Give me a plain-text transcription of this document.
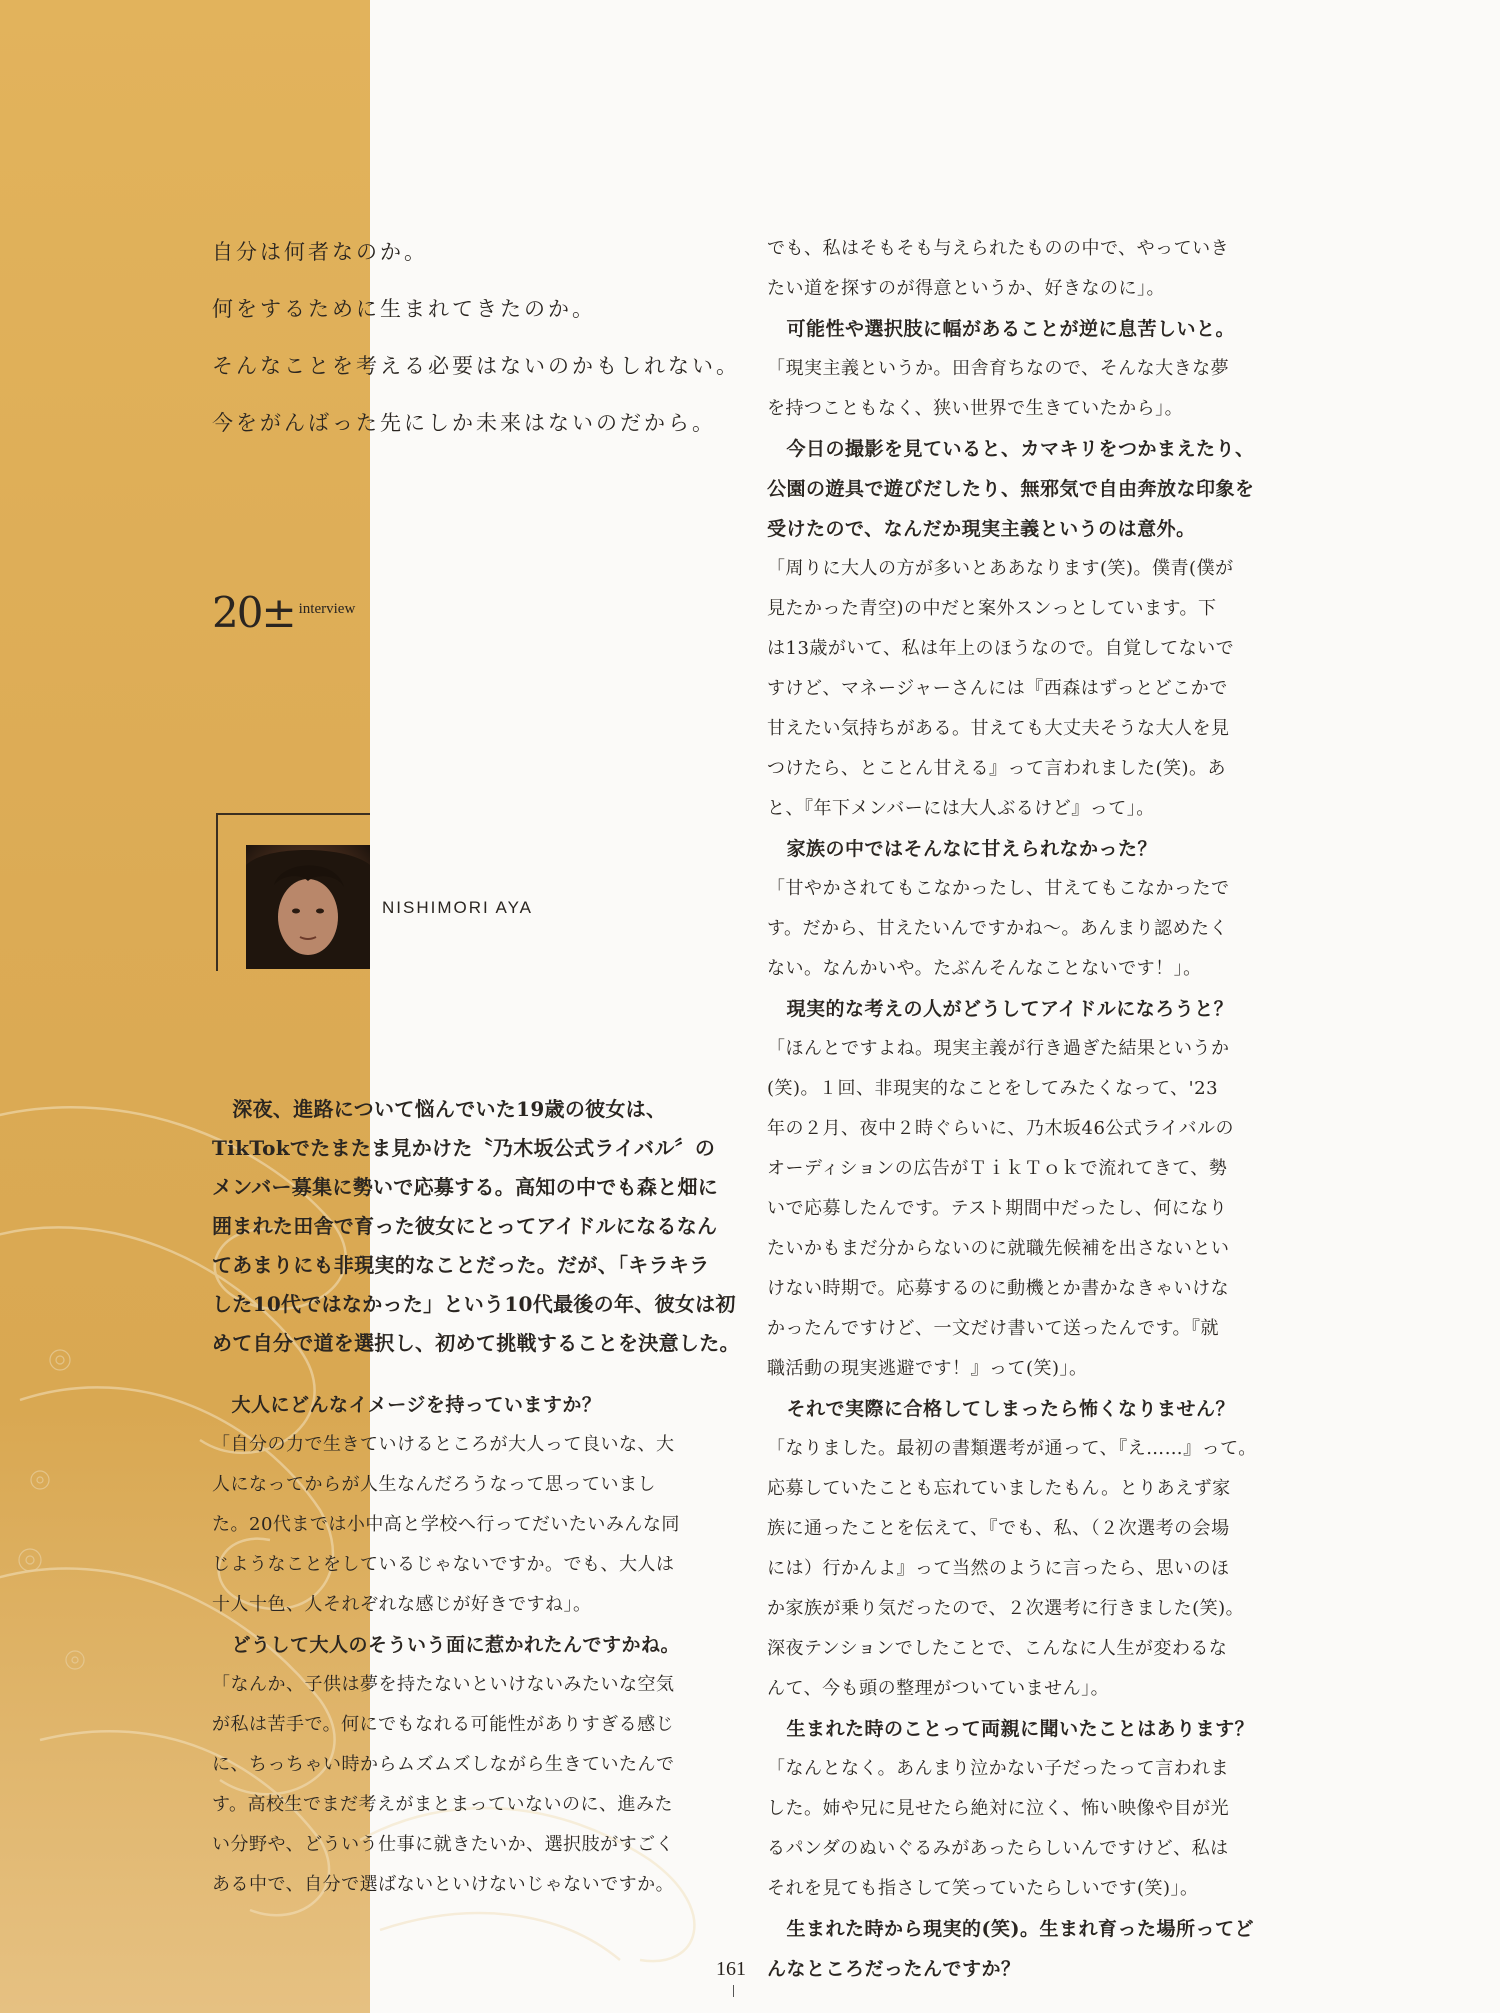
自分は何者なのか。
何をするために生まれてきたのか。
そんなことを考える必要はないのかもしれない。
今をがんばった先にしか未来はないのだから。
20± interview
NISHIMORI AYA
　深夜、進路について悩んでいた19歳の彼女は、
TikTokでたまたま見かけた〝乃木坂公式ライバル〞の
メンバー募集に勢いで応募する。高知の中でも森と畑に
囲まれた田舎で育った彼女にとってアイドルになるなん
てあまりにも非現実的なことだった。だが、「キラキラ
した10代ではなかった」という10代最後の年、彼女は初
めて自分で道を選択し、初めて挑戦することを決意した。
　大人にどんなイメージを持っていますか？
「自分の力で生きていけるところが大人って良いな、大
人になってからが人生なんだろうなって思っていまし
た。20代までは小中高と学校へ行ってだいたいみんな同
じようなことをしているじゃないですか。でも、大人は
十人十色、人それぞれな感じが好きですね」。
　どうして大人のそういう面に惹かれたんですかね。
「なんか、子供は夢を持たないといけないみたいな空気
が私は苦手で。何にでもなれる可能性がありすぎる感じ
に、ちっちゃい時からムズムズしながら生きていたんで
す。高校生でまだ考えがまとまっていないのに、進みた
い分野や、どういう仕事に就きたいか、選択肢がすごく
ある中で、自分で選ばないといけないじゃないですか。
でも、私はそもそも与えられたものの中で、やっていき
たい道を探すのが得意というか、好きなのに」。
　可能性や選択肢に幅があることが逆に息苦しいと。
「現実主義というか。田舎育ちなので、そんな大きな夢
を持つこともなく、狭い世界で生きていたから」。
　今日の撮影を見ていると、カマキリをつかまえたり、
公園の遊具で遊びだしたり、無邪気で自由奔放な印象を
受けたので、なんだか現実主義というのは意外。
「周りに大人の方が多いとああなります(笑)。僕青(僕が
見たかった青空)の中だと案外スンっとしています。下
は13歳がいて、私は年上のほうなので。自覚してないで
すけど、マネージャーさんには『西森はずっとどこかで
甘えたい気持ちがある。甘えても大丈夫そうな大人を見
つけたら、とことん甘える』って言われました(笑)。あ
と、『年下メンバーには大人ぶるけど』って」。
　家族の中ではそんなに甘えられなかった？
「甘やかされてもこなかったし、甘えてもこなかったで
す。だから、甘えたいんですかね〜。あんまり認めたく
ない。なんかいや。たぶんそんなことないです！」。
　現実的な考えの人がどうしてアイドルになろうと？
「ほんとですよね。現実主義が行き過ぎた結果というか
(笑)。１回、非現実的なことをしてみたくなって、'23
年の２月、夜中２時ぐらいに、乃木坂46公式ライバルの
オーディションの広告がＴｉｋＴｏｋで流れてきて、勢
いで応募したんです。テスト期間中だったし、何になり
たいかもまだ分からないのに就職先候補を出さないとい
けない時期で。応募するのに動機とか書かなきゃいけな
かったんですけど、一文だけ書いて送ったんです。『就
職活動の現実逃避です！』って(笑)」。
　それで実際に合格してしまったら怖くなりません？
「なりました。最初の書類選考が通って、『え……』って。
応募していたことも忘れていましたもん。とりあえず家
族に通ったことを伝えて、『でも、私、（２次選考の会場
には）行かんよ』って当然のように言ったら、思いのほ
か家族が乗り気だったので、２次選考に行きました(笑)。
深夜テンションでしたことで、こんなに人生が変わるな
んて、今も頭の整理がついていません」。
　生まれた時のことって両親に聞いたことはあります？
「なんとなく。あんまり泣かない子だったって言われま
した。姉や兄に見せたら絶対に泣く、怖い映像や目が光
るパンダのぬいぐるみがあったらしいんですけど、私は
それを見ても指さして笑っていたらしいです(笑)」。
　生まれた時から現実的(笑)。生まれ育った場所ってど
んなところだったんですか？
161
